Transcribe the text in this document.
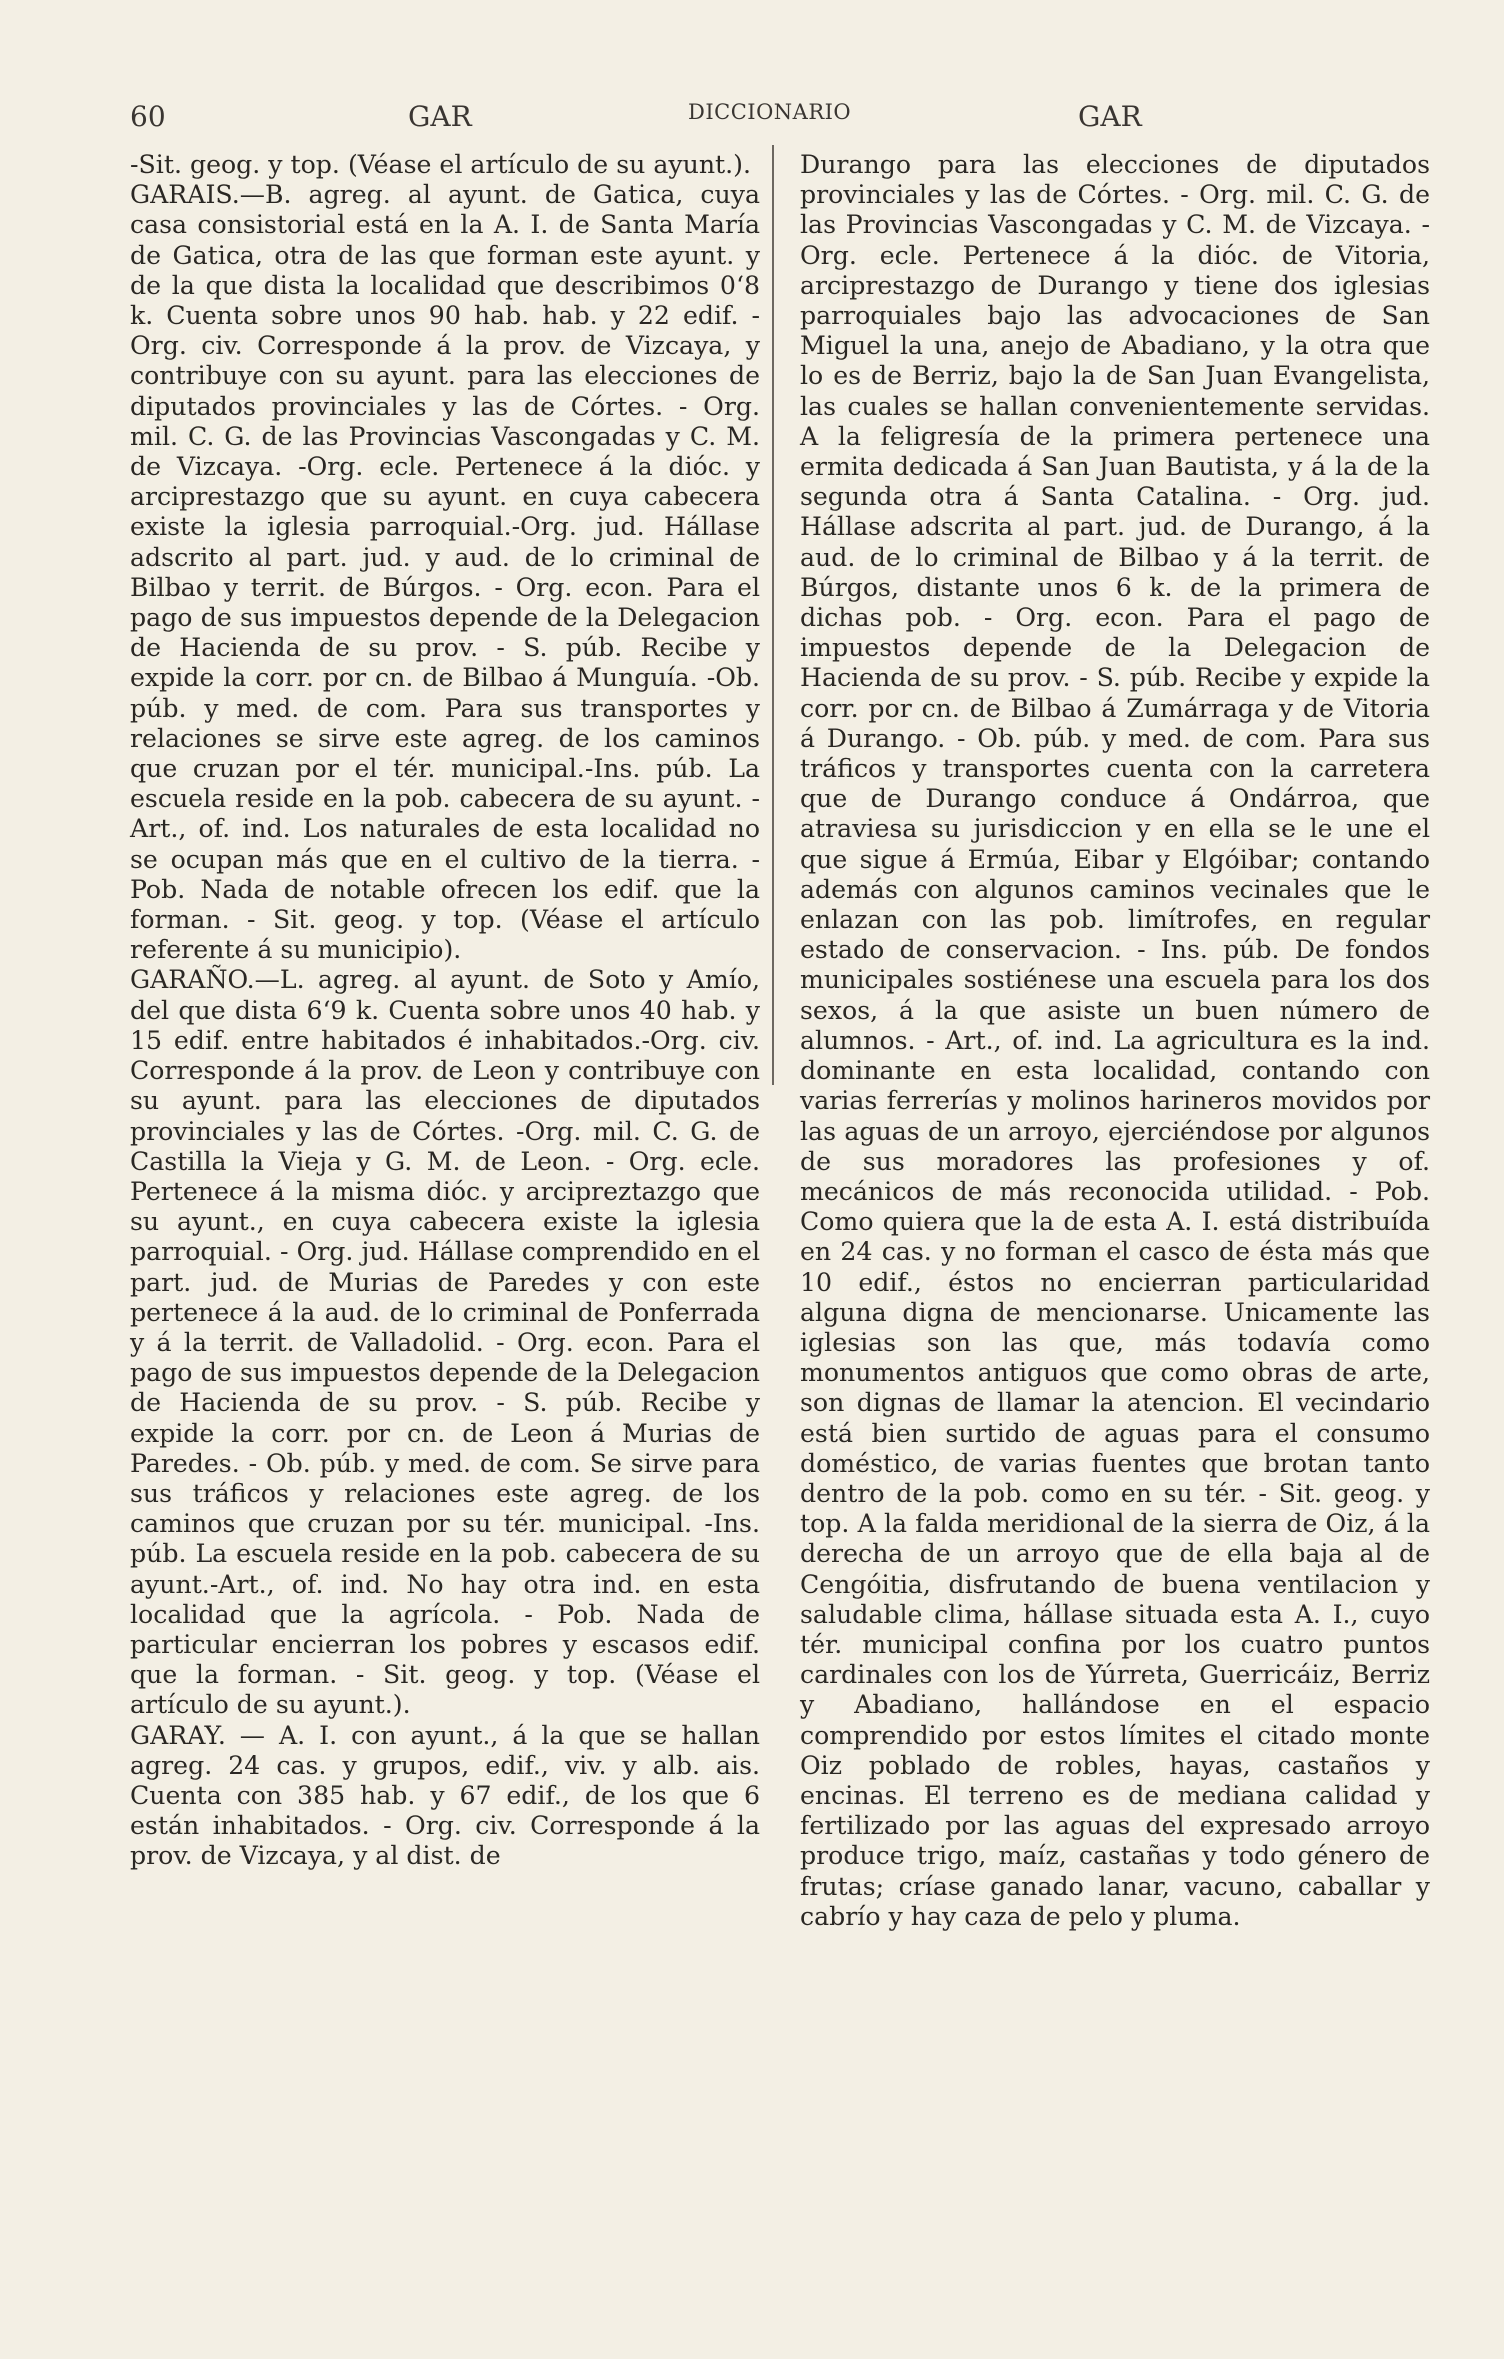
60	GAR	DICCIONARIO	GAR

-Sit. geog. y top. (Véase el artículo de su ayunt.).

GARAIS.—B. agreg. al ayunt. de Gatica, cuya casa consistorial está en la A. I. de Santa María de Gatica, otra de las que forman este ayunt. y de la que dista la localidad que describimos 0‘8 k. Cuenta sobre unos 90 hab. hab. y 22 edif. - Org. civ. Corresponde á la prov. de Vizcaya, y contribuye con su ayunt. para las elecciones de diputados provinciales y las de Córtes. - Org. mil. C. G. de las Provincias Vascongadas y C. M. de Vizcaya. -Org. ecle. Pertenece á la dióc. y arciprestazgo que su ayunt. en cuya cabecera existe la iglesia parroquial.-Org. jud. Hállase adscrito al part. jud. y aud. de lo criminal de Bilbao y territ. de Búrgos. - Org. econ. Para el pago de sus impuestos depende de la Delegacion de Hacienda de su prov. - S. púb. Recibe y expide la corr. por cn. de Bilbao á Munguía. -Ob. púb. y med. de com. Para sus transportes y relaciones se sirve este agreg. de los caminos que cruzan por el tér. municipal.-Ins. púb. La escuela reside en la pob. cabecera de su ayunt. - Art., of. ind. Los naturales de esta localidad no se ocupan más que en el cultivo de la tierra. - Pob. Nada de notable ofrecen los edif. que la forman. - Sit. geog. y top. (Véase el artículo referente á su municipio).

GARAÑO.—L. agreg. al ayunt. de Soto y Amío, del que dista 6‘9 k. Cuenta sobre unos 40 hab. y 15 edif. entre habitados é inhabitados.-Org. civ. Corresponde á la prov. de Leon y contribuye con su ayunt. para las elecciones de diputados provinciales y las de Córtes. -Org. mil. C. G. de Castilla la Vieja y G. M. de Leon. - Org. ecle. Pertenece á la misma dióc. y arcipreztazgo que su ayunt., en cuya cabecera existe la iglesia parroquial. - Org. jud. Hállase comprendido en el part. jud. de Murias de Paredes y con este pertenece á la aud. de lo criminal de Ponferrada y á la territ. de Valladolid. - Org. econ. Para el pago de sus impuestos depende de la Delegacion de Hacienda de su prov. - S. púb. Recibe y expide la corr. por cn. de Leon á Murias de Paredes. - Ob. púb. y med. de com. Se sirve para sus tráficos y relaciones este agreg. de los caminos que cruzan por su tér. municipal. -Ins. púb. La escuela reside en la pob. cabecera de su ayunt.-Art., of. ind. No hay otra ind. en esta localidad que la agrícola. - Pob. Nada de particular encierran los pobres y escasos edif. que la forman. - Sit. geog. y top. (Véase el artículo de su ayunt.).

GARAY. — A. I. con ayunt., á la que se hallan agreg. 24 cas. y grupos, edif., viv. y alb. ais. Cuenta con 385 hab. y 67 edif., de los que 6 están inhabitados. - Org. civ. Corresponde á la prov. de Vizcaya, y al dist. de

Durango para las elecciones de diputados provinciales y las de Córtes. - Org. mil. C. G. de las Provincias Vascongadas y C. M. de Vizcaya. - Org. ecle. Pertenece á la dióc. de Vitoria, arciprestazgo de Durango y tiene dos iglesias parroquiales bajo las advocaciones de San Miguel la una, anejo de Abadiano, y la otra que lo es de Berriz, bajo la de San Juan Evangelista, las cuales se hallan convenientemente servidas. A la feligresía de la primera pertenece una ermita dedicada á San Juan Bautista, y á la de la segunda otra á Santa Catalina. - Org. jud. Hállase adscrita al part. jud. de Durango, á la aud. de lo criminal de Bilbao y á la territ. de Búrgos, distante unos 6 k. de la primera de dichas pob. - Org. econ. Para el pago de impuestos depende de la Delegacion de Hacienda de su prov. - S. púb. Recibe y expide la corr. por cn. de Bilbao á Zumárraga y de Vitoria á Durango. - Ob. púb. y med. de com. Para sus tráficos y transportes cuenta con la carretera que de Durango conduce á Ondárroa, que atraviesa su jurisdiccion y en ella se le une el que sigue á Ermúa, Eibar y Elgóibar; contando además con algunos caminos vecinales que le enlazan con las pob. limítrofes, en regular estado de conservacion. - Ins. púb. De fondos municipales sostiénese una escuela para los dos sexos, á la que asiste un buen número de alumnos. - Art., of. ind. La agricultura es la ind. dominante en esta localidad, contando con varias ferrerías y molinos harineros movidos por las aguas de un arroyo, ejerciéndose por algunos de sus moradores las profesiones y of. mecánicos de más reconocida utilidad. - Pob. Como quiera que la de esta A. I. está distribuída en 24 cas. y no forman el casco de ésta más que 10 edif., éstos no encierran particularidad alguna digna de mencionarse. Unicamente las iglesias son las que, más todavía como monumentos antiguos que como obras de arte, son dignas de llamar la atencion. El vecindario está bien surtido de aguas para el consumo doméstico, de varias fuentes que brotan tanto dentro de la pob. como en su tér. - Sit. geog. y top. A la falda meridional de la sierra de Oiz, á la derecha de un arroyo que de ella baja al de Cengóitia, disfrutando de buena ventilacion y saludable clima, hállase situada esta A. I., cuyo tér. municipal confina por los cuatro puntos cardinales con los de Yúrreta, Guerricáiz, Berriz y Abadiano, hallándose en el espacio comprendido por estos límites el citado monte Oiz poblado de robles, hayas, castaños y encinas. El terreno es de mediana calidad y fertilizado por las aguas del expresado arroyo produce trigo, maíz, castañas y todo género de frutas; críase ganado lanar, vacuno, caballar y cabrío y hay caza de pelo y pluma.
